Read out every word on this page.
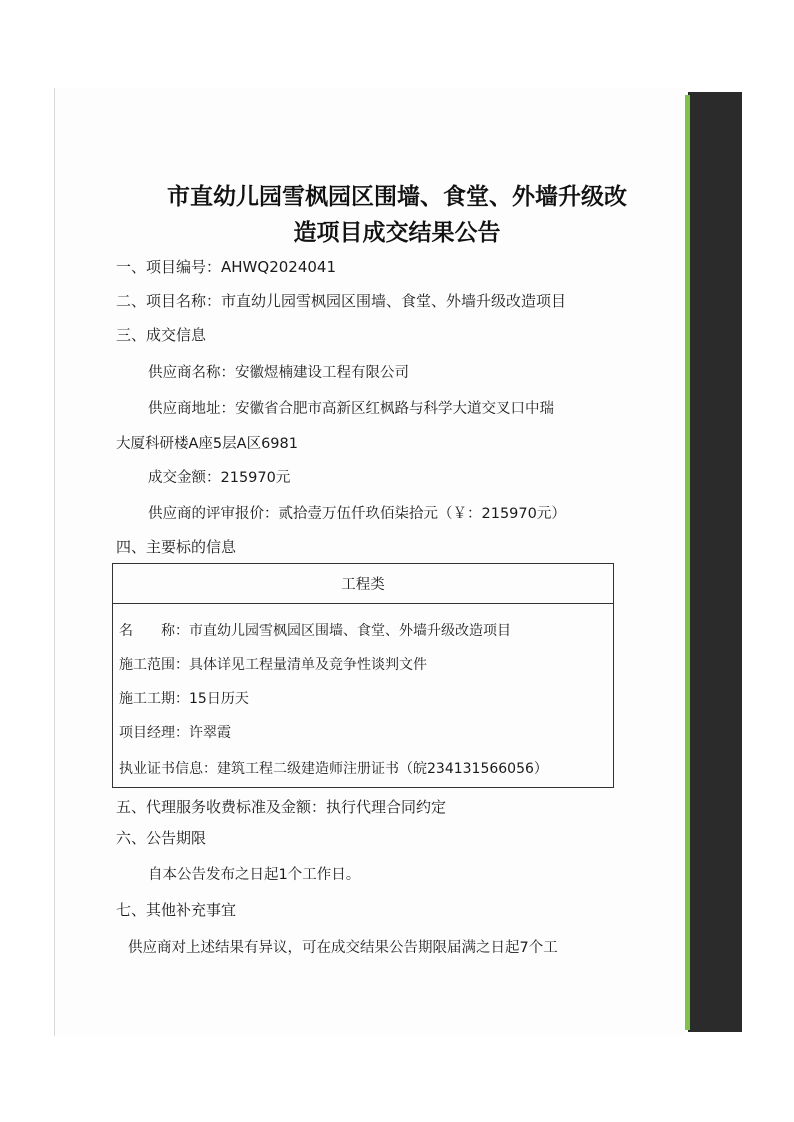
市直幼儿园雪枫园区围墙、食堂、外墙升级改
造项目成交结果公告
一、项目编号：AHWQ2024041
二、项目名称：市直幼儿园雪枫园区围墙、食堂、外墙升级改造项目
三、成交信息
供应商名称：安徽煜楠建设工程有限公司
供应商地址：安徽省合肥市高新区红枫路与科学大道交叉口中瑞
大厦科研楼A座5层A区6981
成交金额：215970元
供应商的评审报价：贰拾壹万伍仟玖佰柒拾元（￥：215970元）
四、主要标的信息
工程类
名　　称：市直幼儿园雪枫园区围墙、食堂、外墙升级改造项目
施工范围：具体详见工程量清单及竞争性谈判文件
施工工期：15日历天
项目经理：许翠霞
执业证书信息：建筑工程二级建造师注册证书（皖234131566056）
五、代理服务收费标准及金额：执行代理合同约定
六、公告期限
自本公告发布之日起1个工作日。
七、其他补充事宜
供应商对上述结果有异议，可在成交结果公告期限届满之日起7个工
